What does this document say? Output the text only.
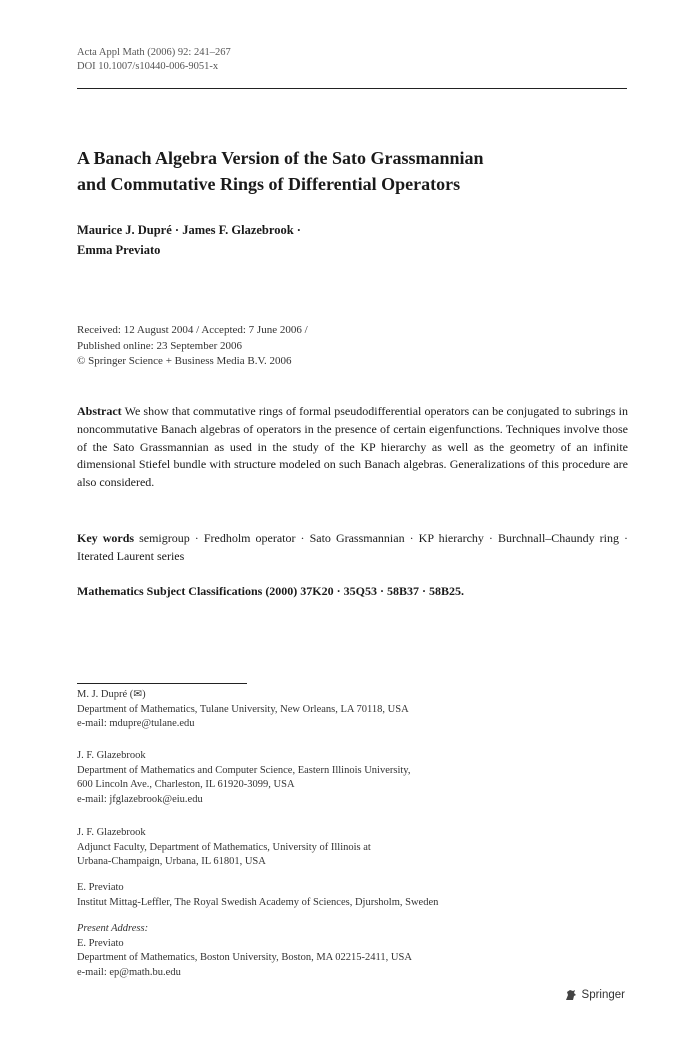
Acta Appl Math (2006) 92: 241–267
DOI 10.1007/s10440-006-9051-x
A Banach Algebra Version of the Sato Grassmannian
and Commutative Rings of Differential Operators
Maurice J. Dupré · James F. Glazebrook ·
Emma Previato
Received: 12 August 2004 / Accepted: 7 June 2006 /
Published online: 23 September 2006
© Springer Science + Business Media B.V. 2006
Abstract We show that commutative rings of formal pseudodifferential operators can be conjugated to subrings in noncommutative Banach algebras of operators in the presence of certain eigenfunctions. Techniques involve those of the Sato Grassmannian as used in the study of the KP hierarchy as well as the geometry of an infinite dimensional Stiefel bundle with structure modeled on such Banach algebras. Generalizations of this procedure are also considered.
Key words semigroup · Fredholm operator · Sato Grassmannian · KP hierarchy · Burchnall–Chaundy ring · Iterated Laurent series
Mathematics Subject Classifications (2000) 37K20 · 35Q53 · 58B37 · 58B25.
M. J. Dupré (✉)
Department of Mathematics, Tulane University, New Orleans, LA 70118, USA
e-mail: mdupre@tulane.edu
J. F. Glazebrook
Department of Mathematics and Computer Science, Eastern Illinois University,
600 Lincoln Ave., Charleston, IL 61920-3099, USA
e-mail: jfglazebrook@eiu.edu
J. F. Glazebrook
Adjunct Faculty, Department of Mathematics, University of Illinois at
Urbana-Champaign, Urbana, IL 61801, USA
E. Previato
Institut Mittag-Leffler, The Royal Swedish Academy of Sciences, Djursholm, Sweden
Present Address:
E. Previato
Department of Mathematics, Boston University, Boston, MA 02215-2411, USA
e-mail: ep@math.bu.edu
Springer
